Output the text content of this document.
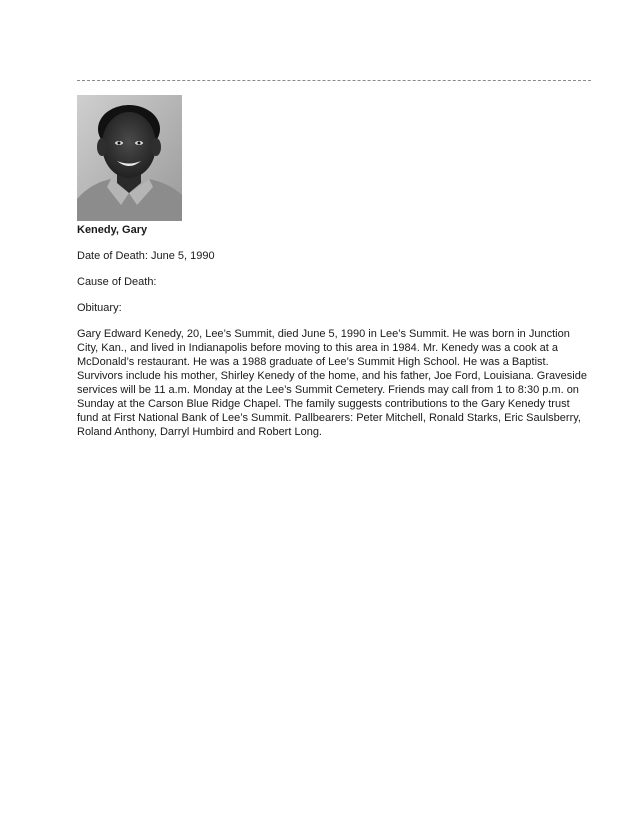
Kenedy, Gary

Date of Death: June 5, 1990

Cause of Death:

Obituary:

Gary Edward Kenedy, 20, Lee’s Summit, died June 5, 1990 in Lee’s Summit. He was born in Junction City, Kan., and lived in Indianapolis before moving to this area in 1984. Mr. Kenedy was a cook at a McDonald’s restaurant. He was a 1988 graduate of Lee’s Summit High School. He was a Baptist. Survivors include his mother, Shirley Kenedy of the home, and his father, Joe Ford, Louisiana. Graveside services will be 11 a.m. Monday at the Lee’s Summit Cemetery. Friends may call from 1 to 8:30 p.m. on Sunday at the Carson Blue Ridge Chapel. The family suggests contributions to the Gary Kenedy trust fund at First National Bank of Lee’s Summit. Pallbearers: Peter Mitchell, Ronald Starks, Eric Saulsberry, Roland Anthony, Darryl Humbird and Robert Long.
